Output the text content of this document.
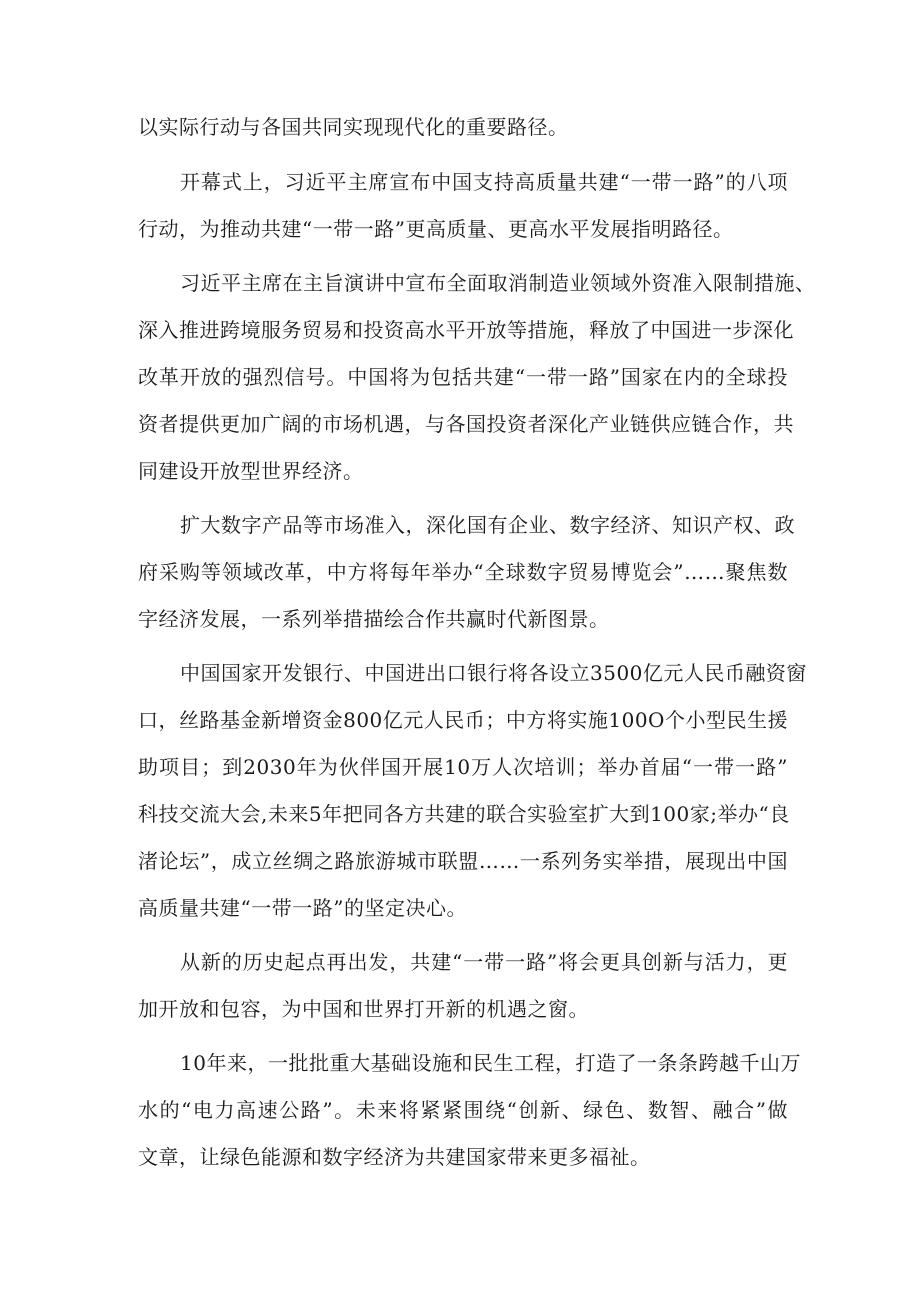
以实际行动与各国共同实现现代化的重要路径。
开幕式上，习近平主席宣布中国支持高质量共建“一带一路”的八项
行动，为推动共建“一带一路”更高质量、更高水平发展指明路径。
习近平主席在主旨演讲中宣布全面取消制造业领域外资准入限制措施、
深入推进跨境服务贸易和投资高水平开放等措施，释放了中国进一步深化
改革开放的强烈信号。中国将为包括共建“一带一路”国家在内的全球投
资者提供更加广阔的市场机遇，与各国投资者深化产业链供应链合作，共
同建设开放型世界经济。
扩大数字产品等市场准入，深化国有企业、数字经济、知识产权、政
府采购等领域改革，中方将每年举办“全球数字贸易博览会”……聚焦数
字经济发展，一系列举措描绘合作共赢时代新图景。
中国国家开发银行、中国进出口银行将各设立3500亿元人民币融资窗
口，丝路基金新增资金800亿元人民币；中方将实施100O个小型民生援
助项目；到2030年为伙伴国开展10万人次培训；举办首届“一带一路”
科技交流大会,未来5年把同各方共建的联合实验室扩大到100家;举办“良
渚论坛”，成立丝绸之路旅游城市联盟……一系列务实举措，展现出中国
高质量共建“一带一路”的坚定决心。
从新的历史起点再出发，共建“一带一路”将会更具创新与活力，更
加开放和包容，为中国和世界打开新的机遇之窗。
10年来，一批批重大基础设施和民生工程，打造了一条条跨越千山万
水的“电力高速公路”。未来将紧紧围绕“创新、绿色、数智、融合”做
文章，让绿色能源和数字经济为共建国家带来更多福祉。
